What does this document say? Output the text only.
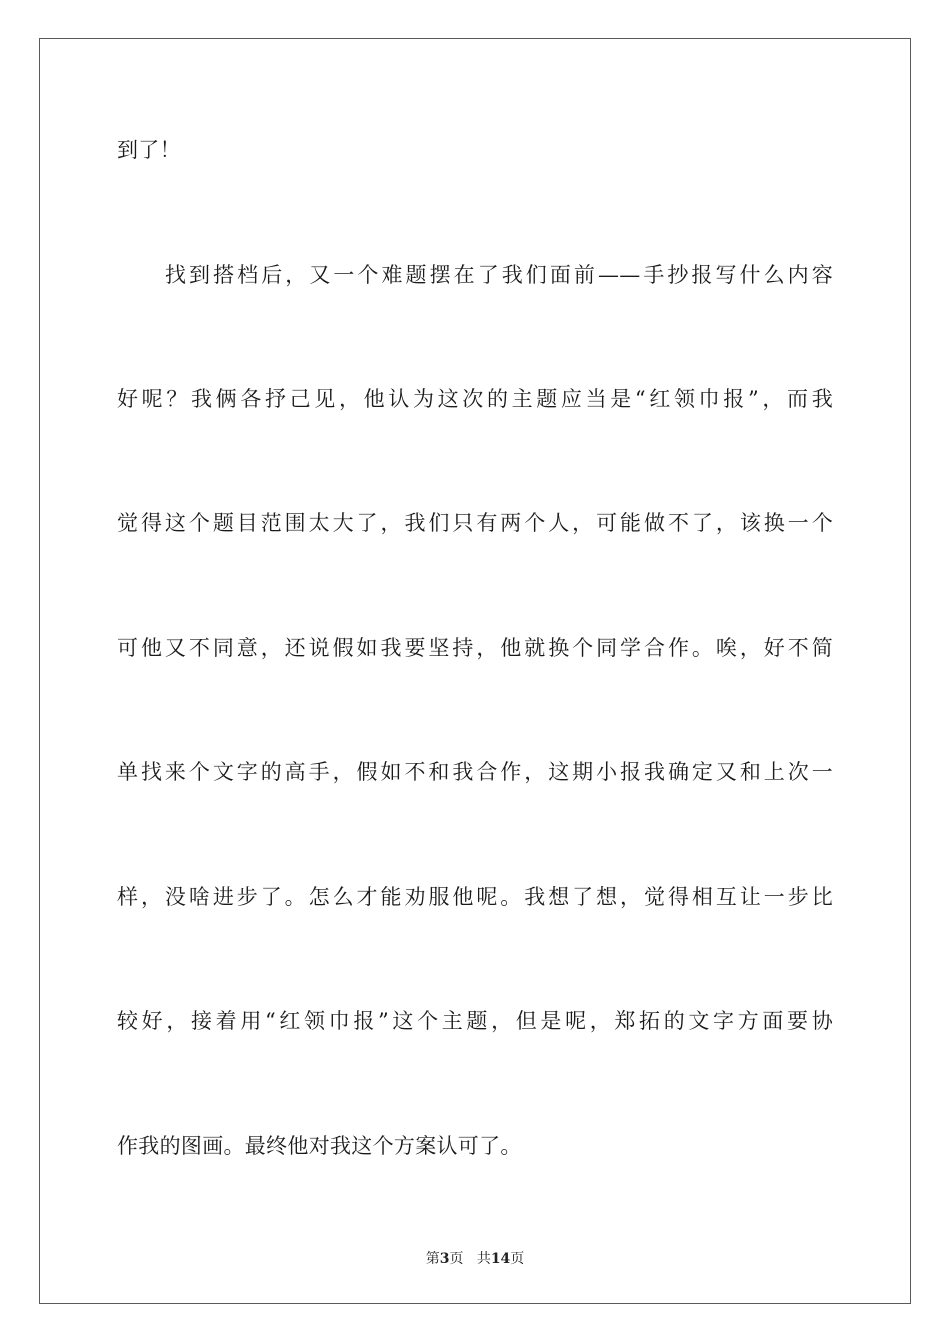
到了！
找到搭档后，又一个难题摆在了我们面前——手抄报写什么内容
好呢？我俩各抒己见，他认为这次的主题应当是“红领巾报”，而我
觉得这个题目范围太大了，我们只有两个人，可能做不了，该换一个
可他又不同意，还说假如我要坚持，他就换个同学合作。唉，好不简
单找来个文字的高手，假如不和我合作，这期小报我确定又和上次一
样，没啥进步了。怎么才能劝服他呢。我想了想，觉得相互让一步比
较好，接着用“红领巾报”这个主题，但是呢，郑拓的文字方面要协
作我的图画。最终他对我这个方案认可了。
第3页 共14页
